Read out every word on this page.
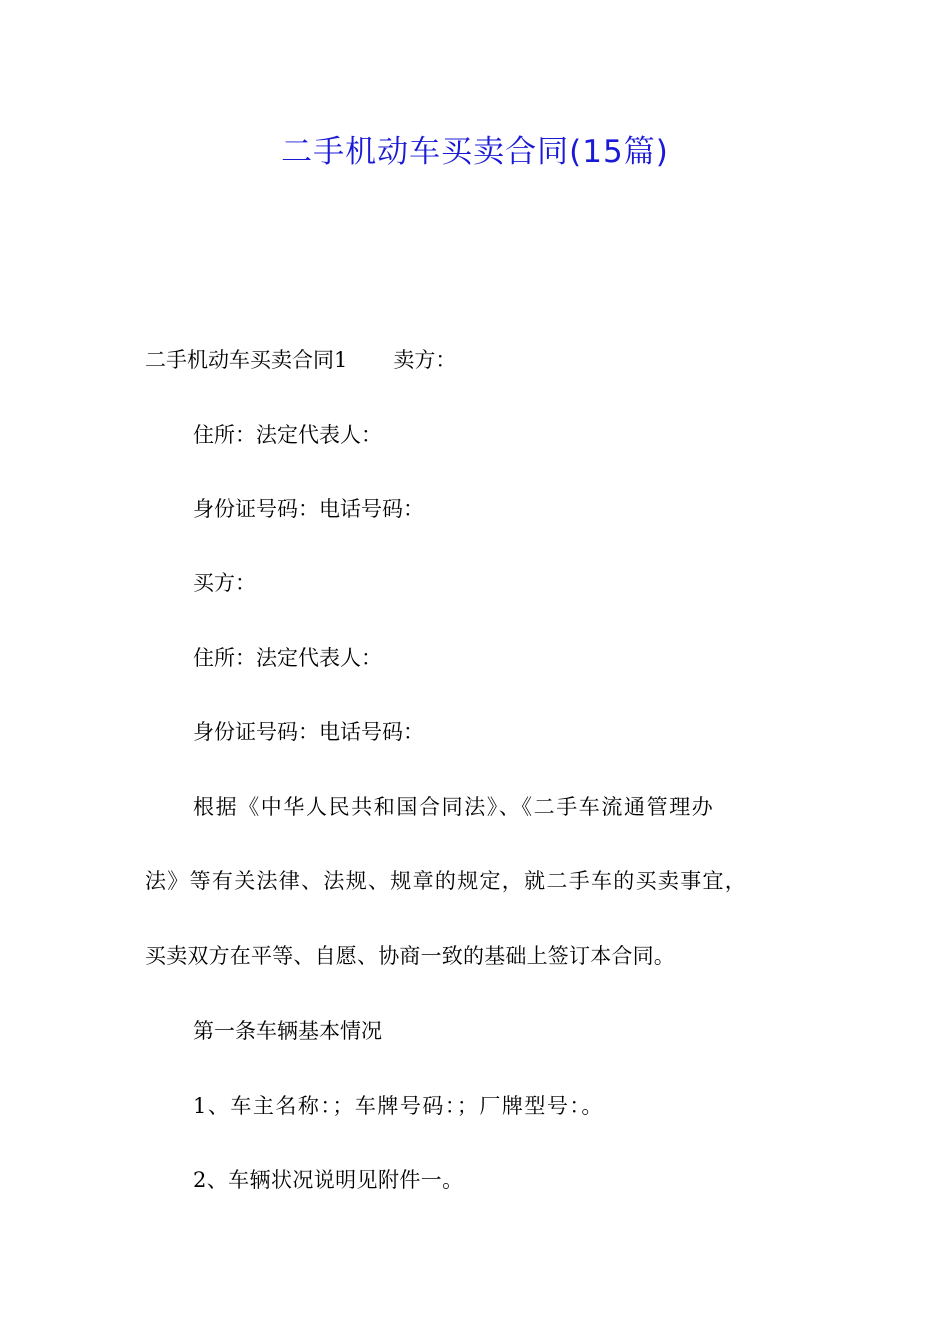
二手机动车买卖合同(15篇)
二手机动车买卖合同1 卖方：
住所：法定代表人：
身份证号码：电话号码：
买方：
住所：法定代表人：
身份证号码：电话号码：
根据《中华人民共和国合同法》、《二手车流通管理办
法》等有关法律、法规、规章的规定，就二手车的买卖事宜，
买卖双方在平等、自愿、协商一致的基础上签订本合同。
第一条车辆基本情况
1、车主名称：；车牌号码：；厂牌型号：。
2、车辆状况说明见附件一。
